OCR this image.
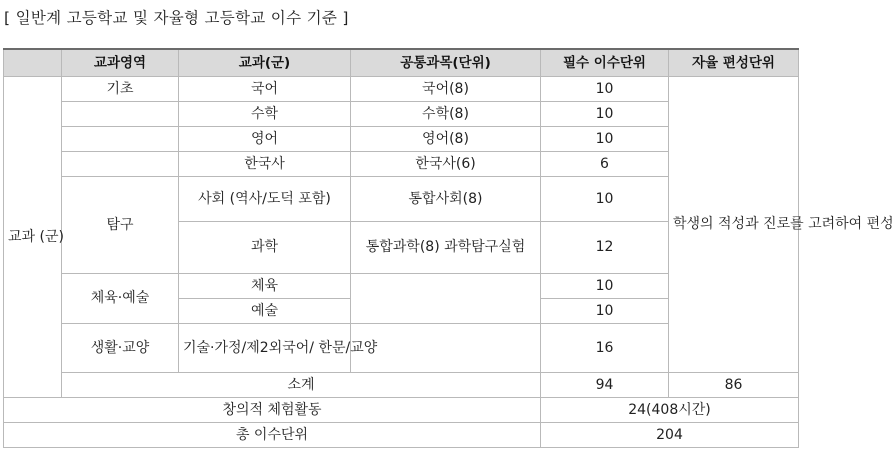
[ 일반계 고등학교 및 자율형 고등학교 이수 기준 ]
	교과영역	교과(군)	공통과목(단위)	필수 이수단위	자율 편성단위
교과 (군)	기초	국어	국어(8)	10	학생의 적성과 진로를 고려하여 편성
		수학	수학(8)	10	
		영어	영어(8)	10	
		한국사	한국사(6)	6	
	탐구	사회 (역사/도덕 포함)	통합사회(8)	10	
		과학	통합과학(8) 과학탐구실험	12	
	체육·예술	체육		10	
		예술		10	
	생활·교양	기술·가정/제2외국어/ 한문/교양		16	
	소계			94	86
창의적 체험활동				24(408시간)	
총 이수단위				204	
